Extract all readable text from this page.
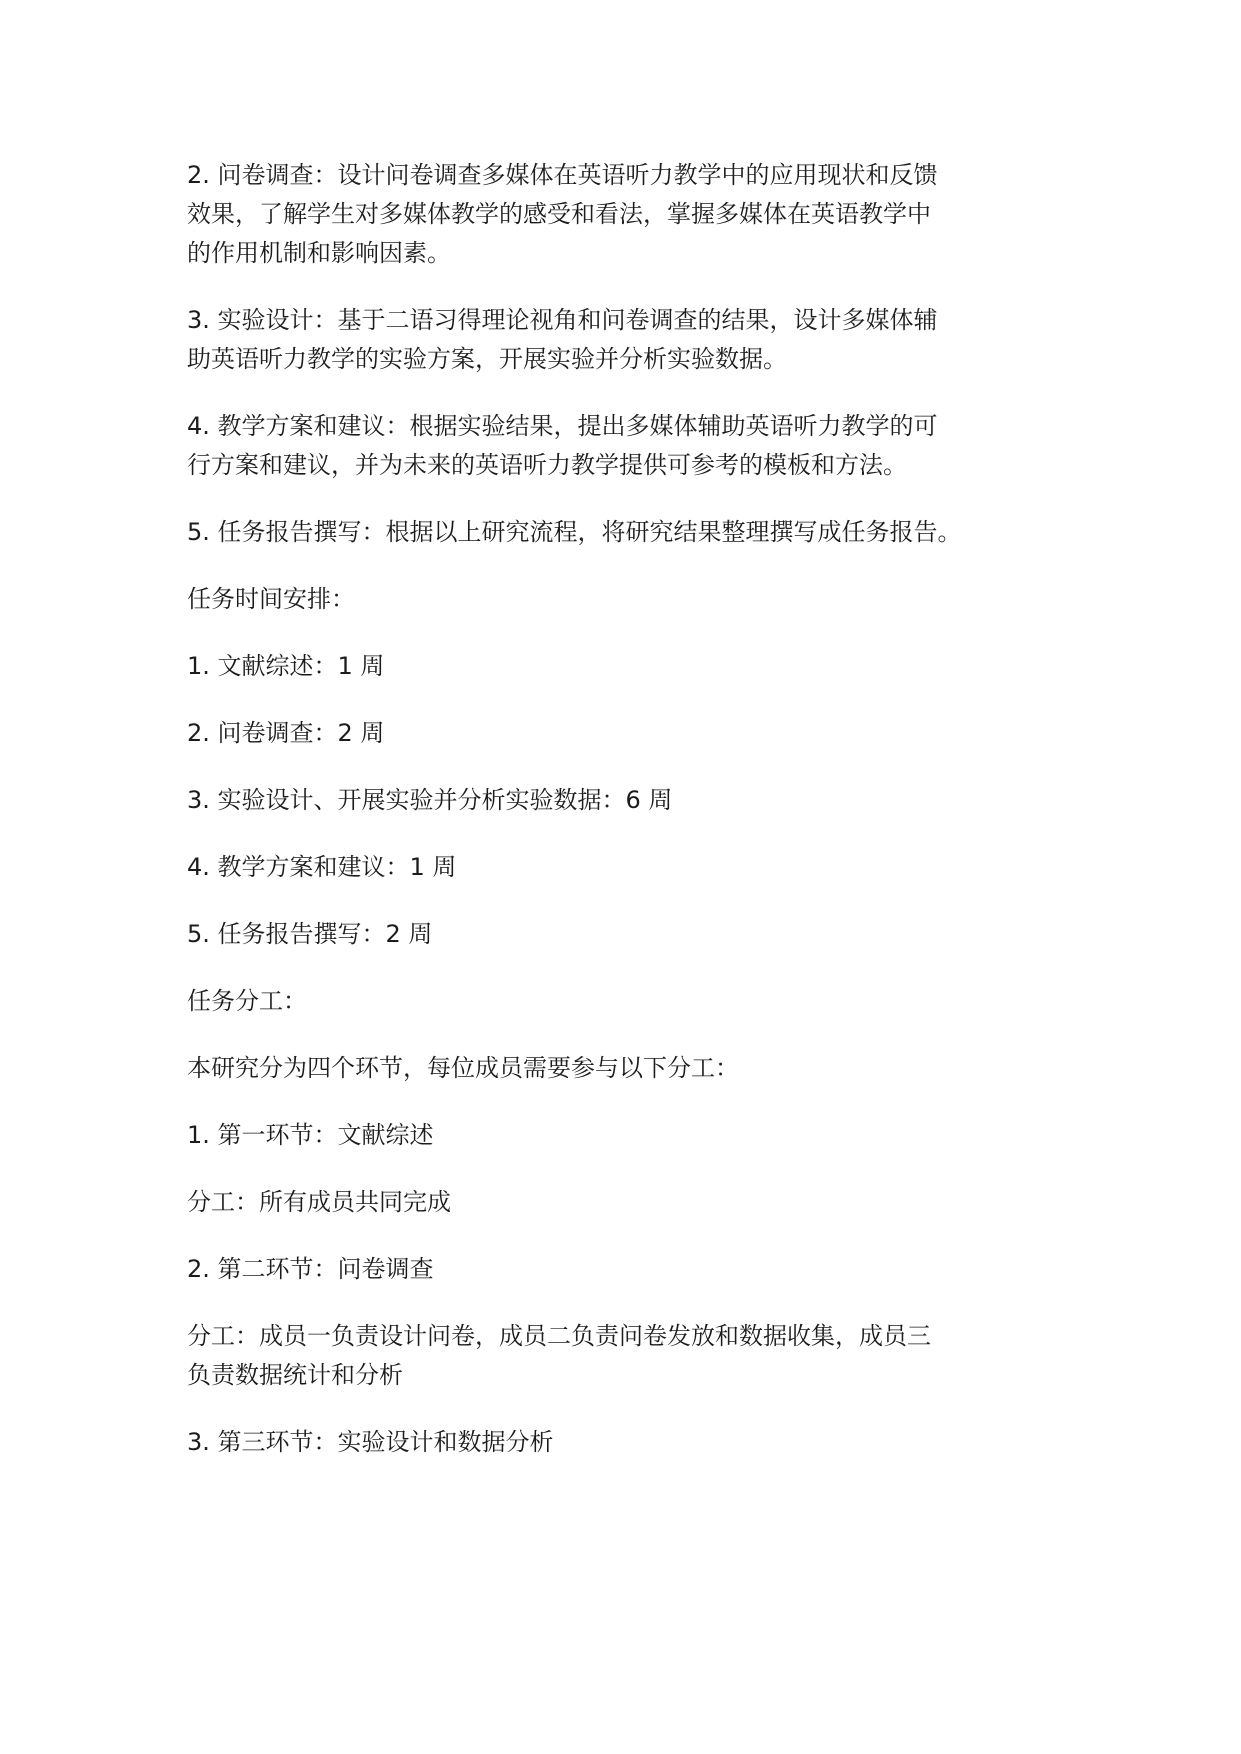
2. 问卷调查：设计问卷调查多媒体在英语听力教学中的应用现状和反馈
效果，了解学生对多媒体教学的感受和看法，掌握多媒体在英语教学中
的作用机制和影响因素。

3. 实验设计：基于二语习得理论视角和问卷调查的结果，设计多媒体辅
助英语听力教学的实验方案，开展实验并分析实验数据。

4. 教学方案和建议：根据实验结果，提出多媒体辅助英语听力教学的可
行方案和建议，并为未来的英语听力教学提供可参考的模板和方法。

5. 任务报告撰写：根据以上研究流程，将研究结果整理撰写成任务报告。

任务时间安排：

1. 文献综述：1 周

2. 问卷调查：2 周

3. 实验设计、开展实验并分析实验数据：6 周

4. 教学方案和建议：1 周

5. 任务报告撰写：2 周

任务分工：

本研究分为四个环节，每位成员需要参与以下分工：

1. 第一环节：文献综述

分工：所有成员共同完成

2. 第二环节：问卷调查

分工：成员一负责设计问卷，成员二负责问卷发放和数据收集，成员三
负责数据统计和分析

3. 第三环节：实验设计和数据分析
